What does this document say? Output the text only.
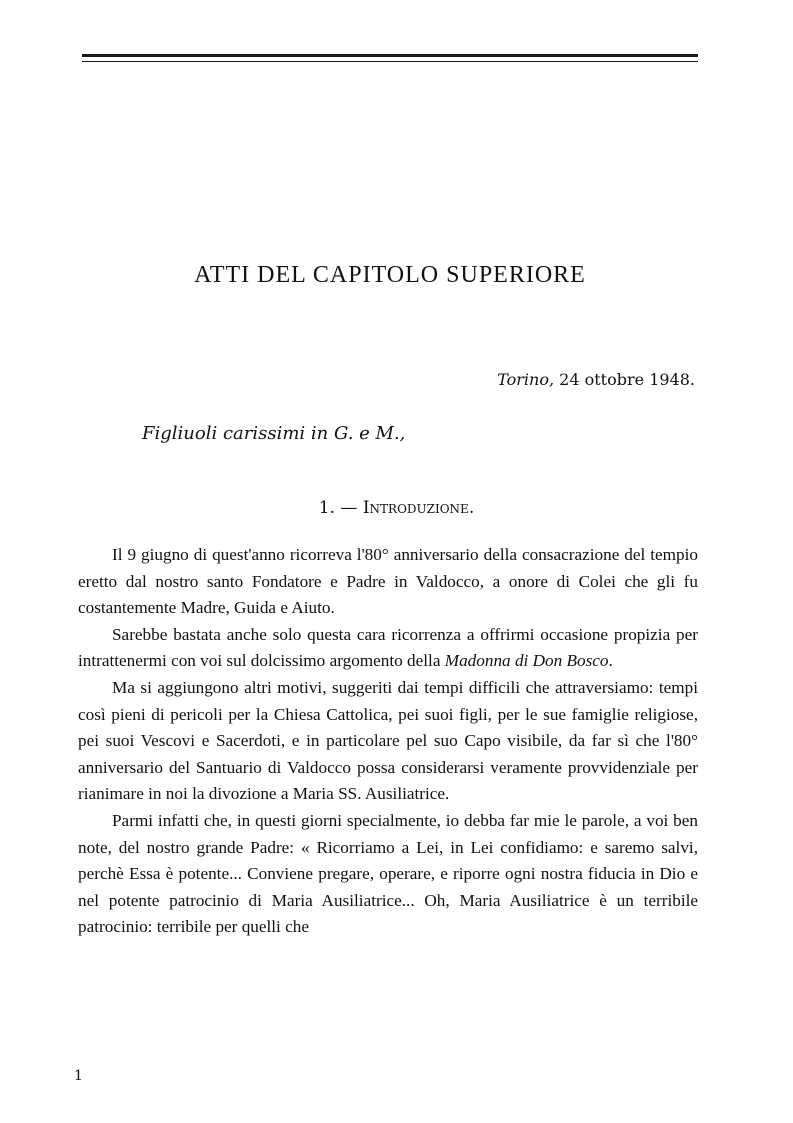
ATTI DEL CAPITOLO SUPERIORE
Torino, 24 ottobre 1948.
Figliuoli carissimi in G. e M.,
1. — Introduzione.

Il 9 giugno di quest'anno ricorreva l'80° anniversario della consacrazione del tempio eretto dal nostro santo Fondatore e Padre in Valdocco, a onore di Colei che gli fu costantemente Madre, Guida e Aiuto.

Sarebbe bastata anche solo questa cara ricorrenza a offrirmi occasione propizia per intrattenermi con voi sul dolcissimo argomento della Madonna di Don Bosco.

Ma si aggiungono altri motivi, suggeriti dai tempi difficili che attraversiamo: tempi così pieni di pericoli per la Chiesa Cattolica, pei suoi figli, per le sue famiglie religiose, pei suoi Vescovi e Sacerdoti, e in particolare pel suo Capo visibile, da far sì che l'80° anniversario del Santuario di Valdocco possa considerarsi veramente provvidenziale per rianimare in noi la divozione a Maria SS. Ausiliatrice.

Parmi infatti che, in questi giorni specialmente, io debba far mie le parole, a voi ben note, del nostro grande Padre: « Ricorriamo a Lei, in Lei confidiamo: e saremo salvi, perchè Essa è potente... Conviene pregare, operare, e riporre ogni nostra fiducia in Dio e nel potente patrocinio di Maria Ausiliatrice... Oh, Maria Ausiliatrice è un terribile patrocinio: terribile per quelli che

1
